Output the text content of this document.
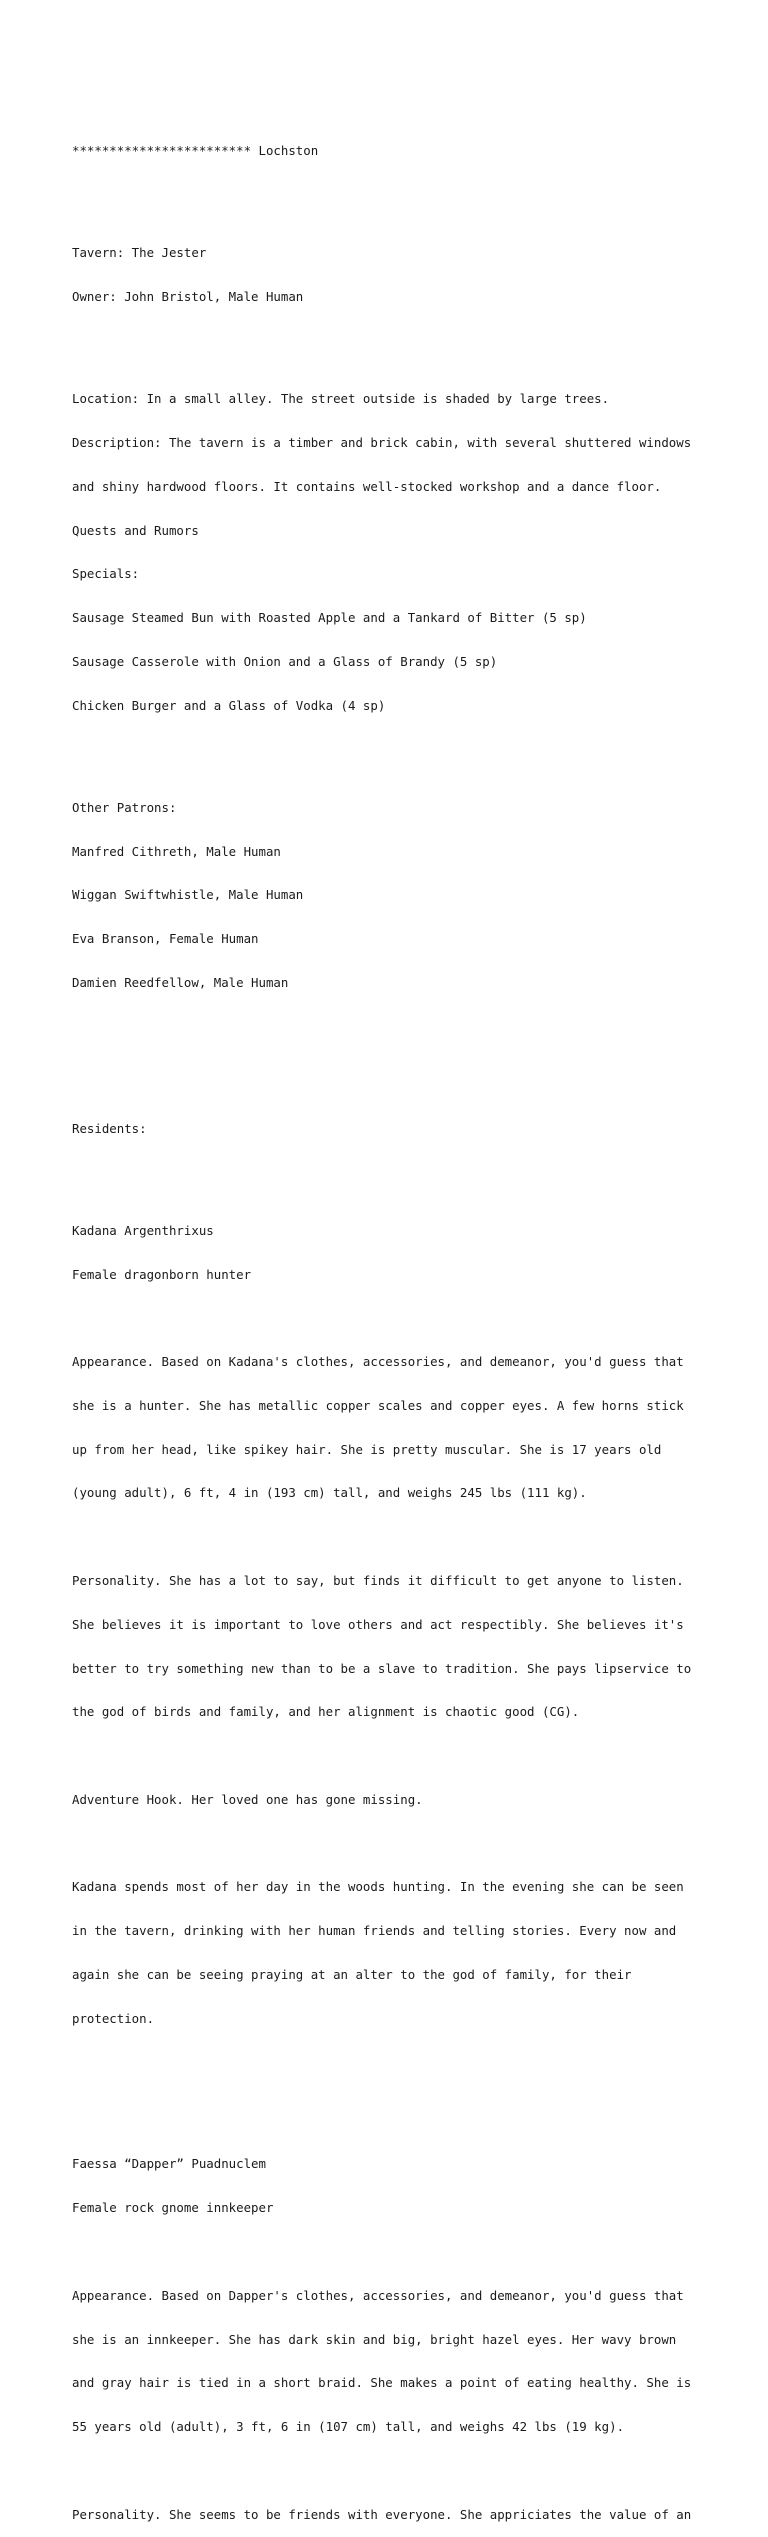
************************ Lochston

Tavern: The Jester

Owner: John Bristol, Male Human

Location: In a small alley. The street outside is shaded by large trees.

Description: The tavern is a timber and brick cabin, with several shuttered windows

and shiny hardwood floors. It contains well-stocked workshop and a dance floor.

Quests and Rumors

Specials:

Sausage Steamed Bun with Roasted Apple and a Tankard of Bitter (5 sp)

Sausage Casserole with Onion and a Glass of Brandy (5 sp)

Chicken Burger and a Glass of Vodka (4 sp)

Other Patrons:

Manfred Cithreth, Male Human

Wiggan Swiftwhistle, Male Human

Eva Branson, Female Human

Damien Reedfellow, Male Human

Residents:

Kadana Argenthrixus

Female dragonborn hunter

Appearance. Based on Kadana's clothes, accessories, and demeanor, you'd guess that

she is a hunter. She has metallic copper scales and copper eyes. A few horns stick

up from her head, like spikey hair. She is pretty muscular. She is 17 years old

(young adult), 6 ft, 4 in (193 cm) tall, and weighs 245 lbs (111 kg).

Personality. She has a lot to say, but finds it difficult to get anyone to listen.

She believes it is important to love others and act respectibly. She believes it's

better to try something new than to be a slave to tradition. She pays lipservice to

the god of birds and family, and her alignment is chaotic good (CG).

Adventure Hook. Her loved one has gone missing.

Kadana spends most of her day in the woods hunting. In the evening she can be seen

in the tavern, drinking with her human friends and telling stories. Every now and

again she can be seeing praying at an alter to the god of family, for their

protection.

Faessa “Dapper” Puadnuclem

Female rock gnome innkeeper

Appearance. Based on Dapper's clothes, accessories, and demeanor, you'd guess that

she is an innkeeper. She has dark skin and big, bright hazel eyes. Her wavy brown

and gray hair is tied in a short braid. She makes a point of eating healthy. She is

55 years old (adult), 3 ft, 6 in (107 cm) tall, and weighs 42 lbs (19 kg).

Personality. She seems to be friends with everyone. She appriciates the value of an
